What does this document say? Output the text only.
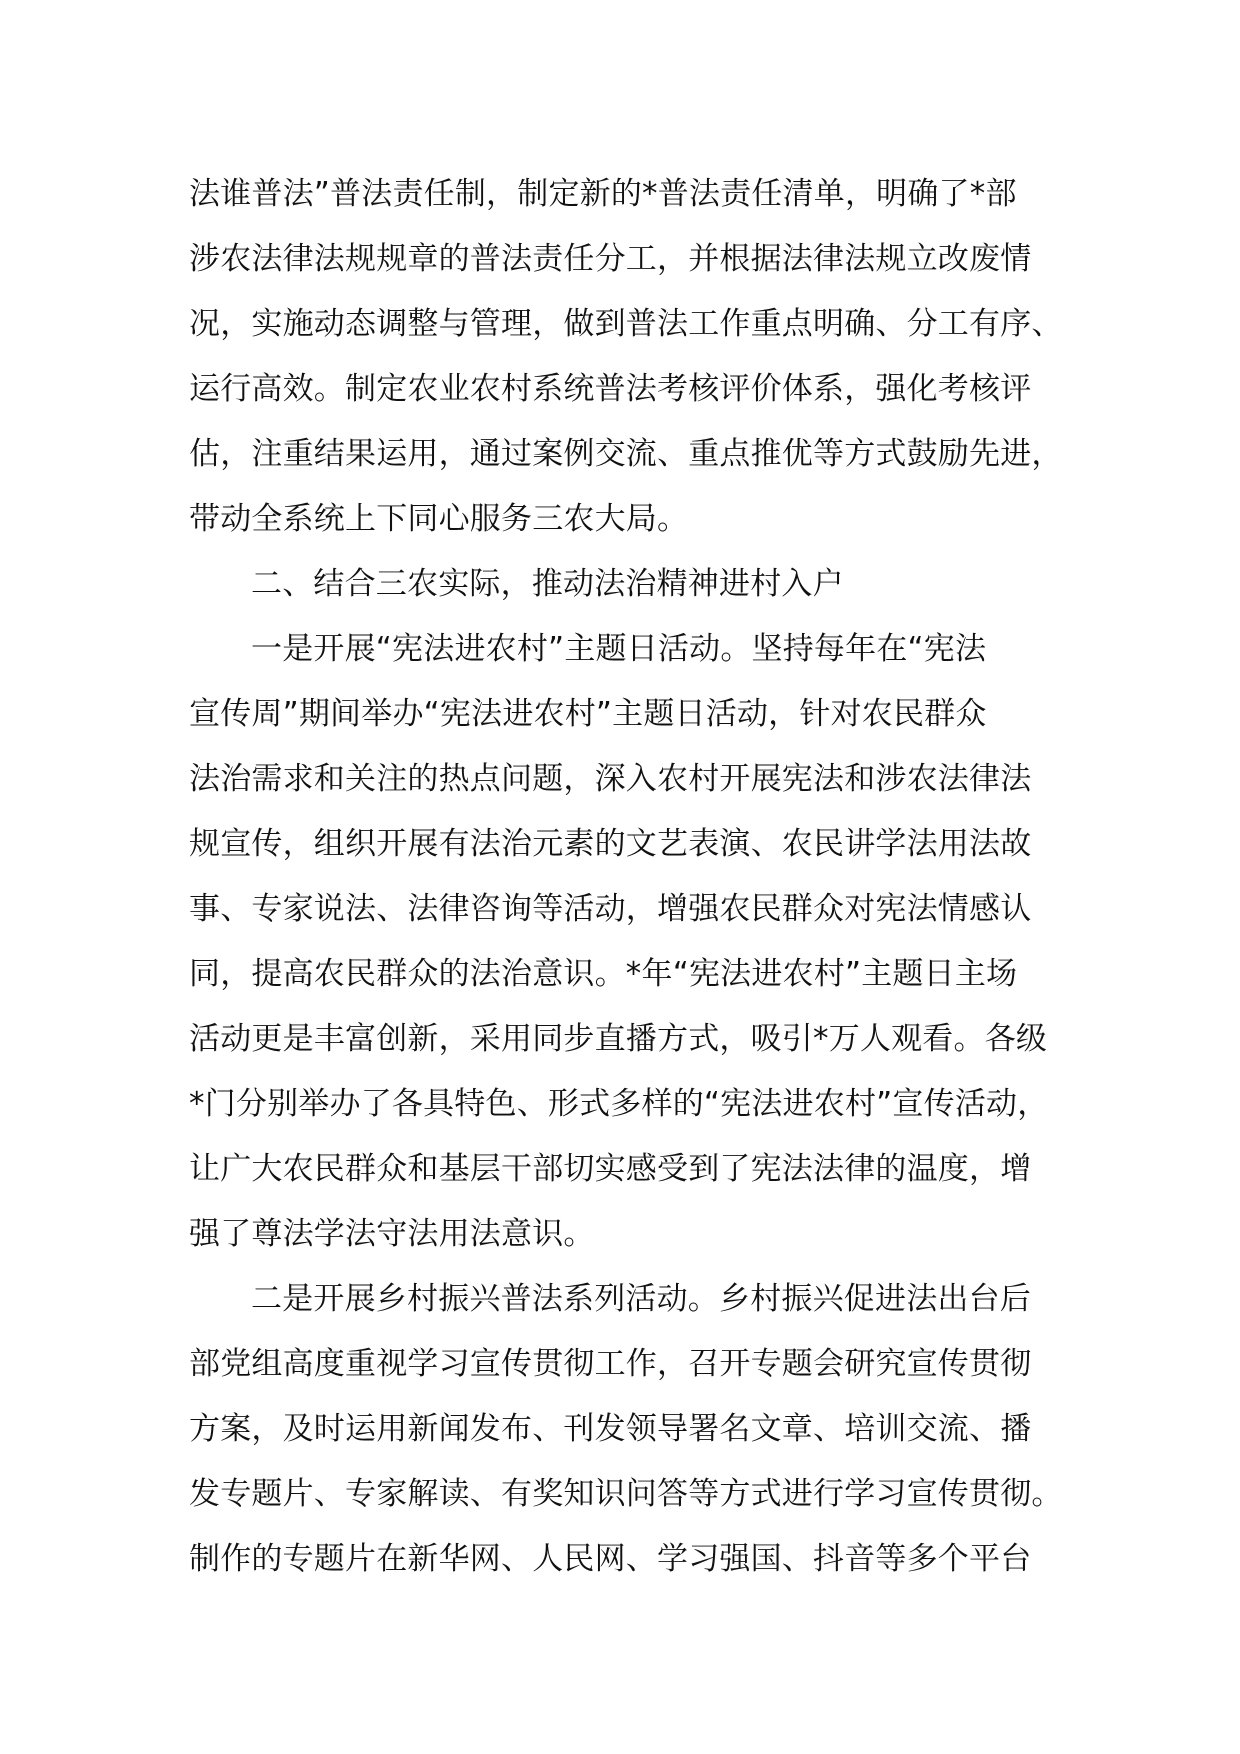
法谁普法”普法责任制，制定新的*普法责任清单，明确了*部
涉农法律法规规章的普法责任分工，并根据法律法规立改废情
况，实施动态调整与管理，做到普法工作重点明确、分工有序、
运行高效。制定农业农村系统普法考核评价体系，强化考核评
估，注重结果运用，通过案例交流、重点推优等方式鼓励先进，
带动全系统上下同心服务三农大局。
二、结合三农实际，推动法治精神进村入户
一是开展“宪法进农村”主题日活动。坚持每年在“宪法
宣传周”期间举办“宪法进农村”主题日活动，针对农民群众
法治需求和关注的热点问题，深入农村开展宪法和涉农法律法
规宣传，组织开展有法治元素的文艺表演、农民讲学法用法故
事、专家说法、法律咨询等活动，增强农民群众对宪法情感认
同，提高农民群众的法治意识。*年“宪法进农村”主题日主场
活动更是丰富创新，采用同步直播方式，吸引*万人观看。各级
*门分别举办了各具特色、形式多样的“宪法进农村”宣传活动，
让广大农民群众和基层干部切实感受到了宪法法律的温度，增
强了尊法学法守法用法意识。
二是开展乡村振兴普法系列活动。乡村振兴促进法出台后
部党组高度重视学习宣传贯彻工作，召开专题会研究宣传贯彻
方案，及时运用新闻发布、刊发领导署名文章、培训交流、播
发专题片、专家解读、有奖知识问答等方式进行学习宣传贯彻。
制作的专题片在新华网、人民网、学习强国、抖音等多个平台
